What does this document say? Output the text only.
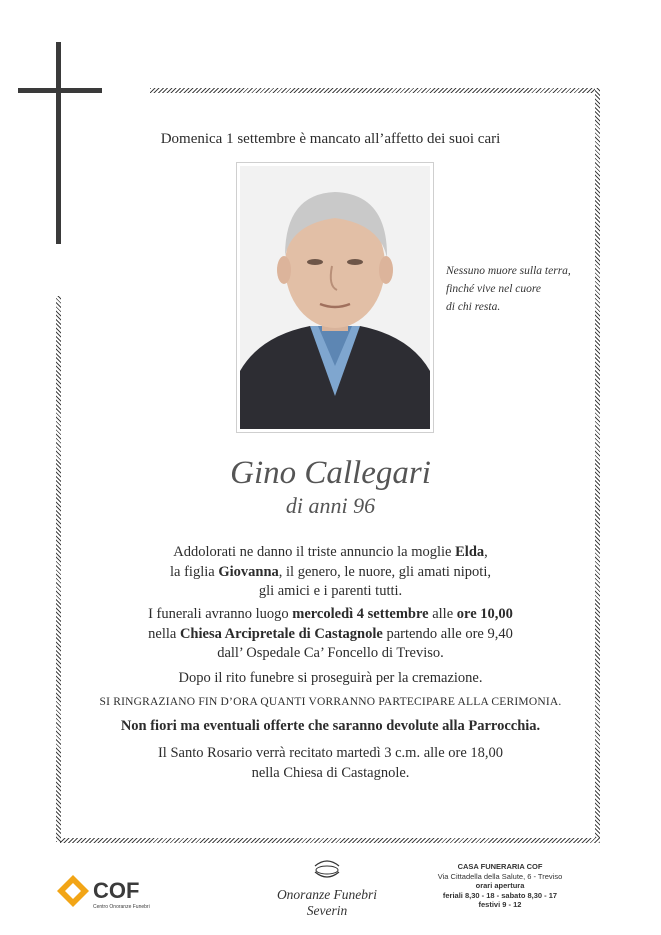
Domenica 1 settembre è mancato all’affetto dei suoi cari
Nessuno muore sulla terra,
finché vive nel cuore
di chi resta.
Gino Callegari
di anni 96
Addolorati ne danno il triste annuncio la moglie Elda,
la figlia Giovanna, il genero, le nuore, gli amati nipoti,
gli amici e i parenti tutti.
I funerali avranno luogo mercoledì 4 settembre alle ore 10,00
nella Chiesa Arcipretale di Castagnole partendo alle ore 9,40
dall’ Ospedale Ca’ Foncello di Treviso.
Dopo il rito funebre si proseguirà per la cremazione.
SI RINGRAZIANO FIN D’ORA QUANTI VORRANNO PARTECIPARE ALLA CERIMONIA.
Non fiori ma eventuali offerte che saranno devolute alla Parrocchia.
Il Santo Rosario verrà recitato martedì 3 c.m. alle ore 18,00
nella Chiesa di Castagnole.
COF
Centro Onoranze Funebri
Onoranze Funebri
Severin
CASA FUNERARIA COF
Via Cittadella della Salute, 6 - Treviso
orari apertura
feriali 8,30 - 18 - sabato 8,30 - 17
festivi 9 - 12
